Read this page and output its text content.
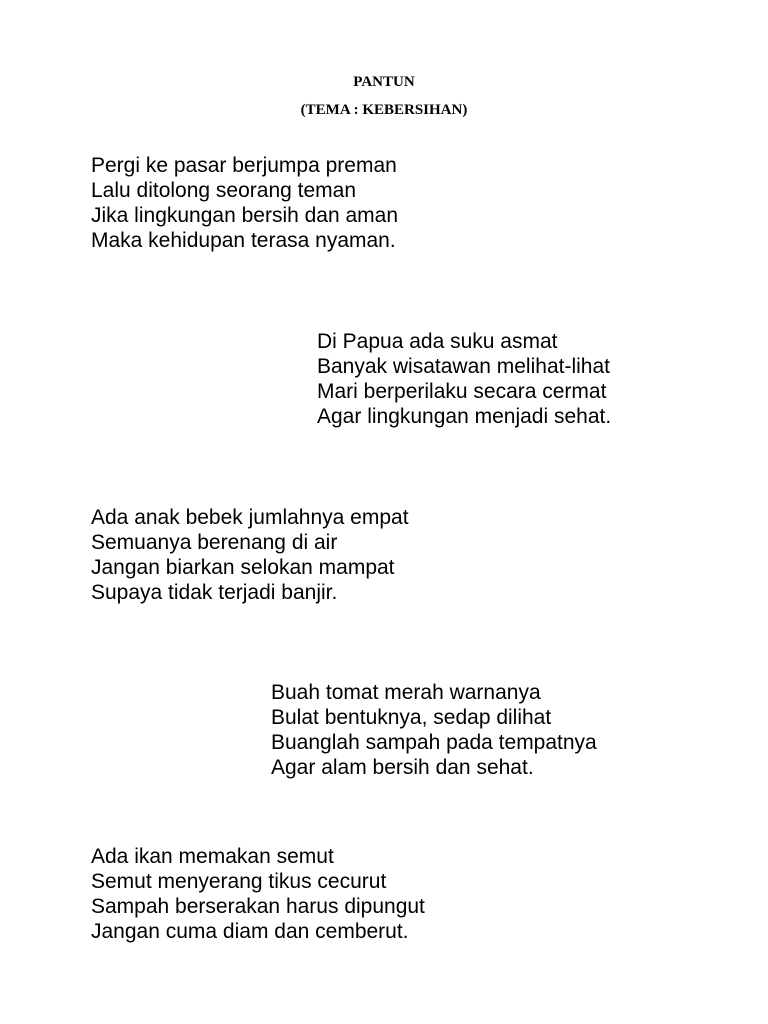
PANTUN
(TEMA : KEBERSIHAN)
Pergi ke pasar berjumpa preman
Lalu ditolong seorang teman
Jika lingkungan bersih dan aman
Maka kehidupan terasa nyaman.
Di Papua ada suku asmat
Banyak wisatawan melihat-lihat
Mari berperilaku secara cermat
Agar lingkungan menjadi sehat.
Ada anak bebek jumlahnya empat
Semuanya berenang di air
Jangan biarkan selokan mampat
Supaya tidak terjadi banjir.
Buah tomat merah warnanya
Bulat bentuknya, sedap dilihat
Buanglah sampah pada tempatnya
Agar alam bersih dan sehat.
Ada ikan memakan semut
Semut menyerang tikus cecurut
Sampah berserakan harus dipungut
Jangan cuma diam dan cemberut.
